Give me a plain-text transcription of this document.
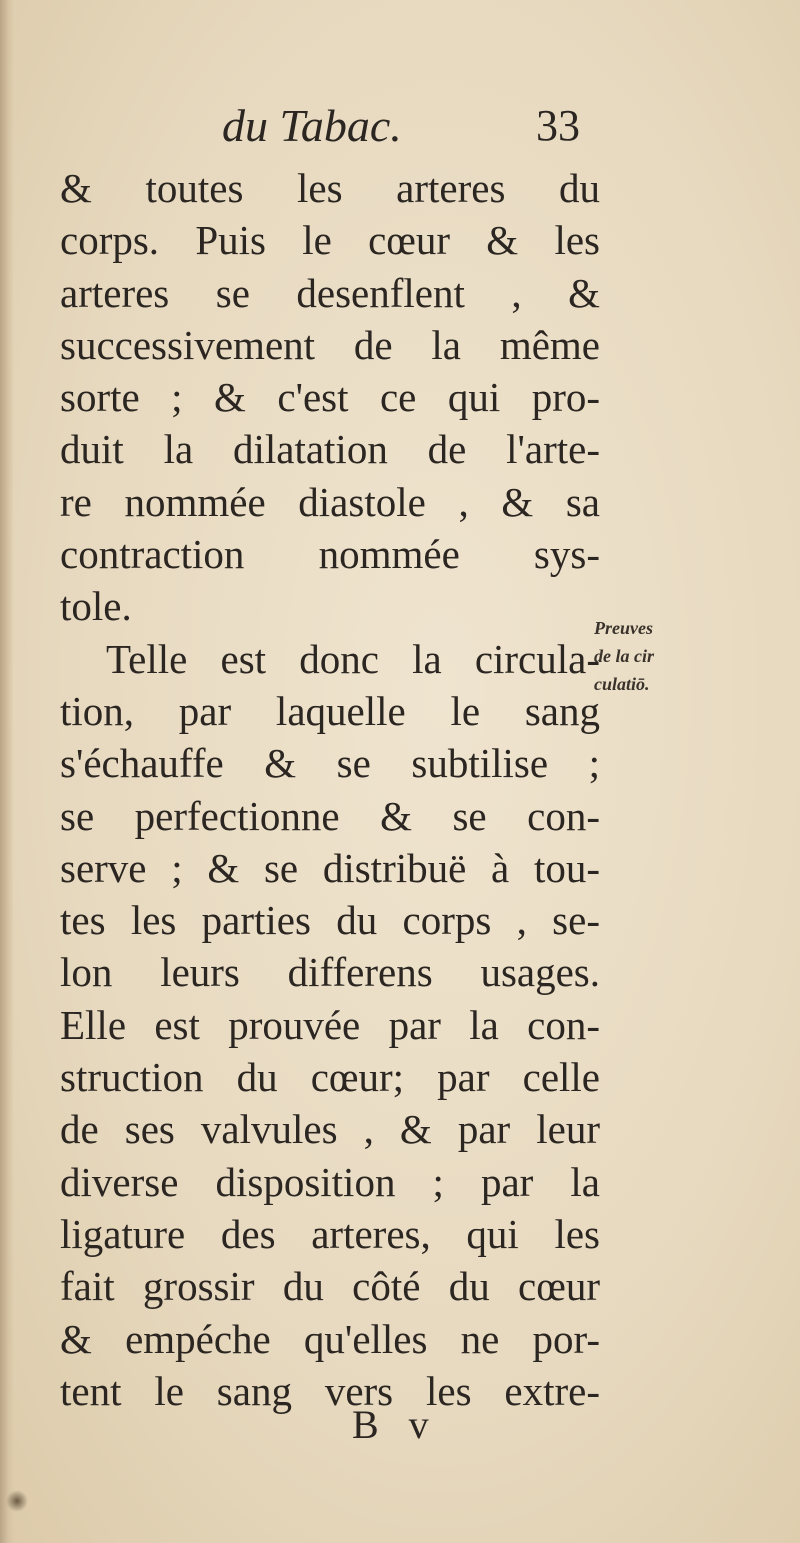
du Tabac.	33
& toutes les arteres du
corps. Puis le cœur & les
arteres se desenflent , &
successivement de la même
sorte ; & c'est ce qui pro-
duit la dilatation de l'arte-
re nommée diastole , & sa
contraction nommée sys-
tole.
Telle est donc la circula-
tion, par laquelle le sang
s'échauffe & se subtilise ;
se perfectionne & se con-
serve ; & se distribuë à tou-
tes les parties du corps , se-
lon leurs differens usages.
Elle est prouvée par la con-
struction du cœur; par celle
de ses valvules , & par leur
diverse disposition ; par la
ligature des arteres, qui les
fait grossir du côté du cœur
& empéche qu'elles ne por-
tent le sang vers les extre-
Preuves
de la cir
culatiō.
B v
